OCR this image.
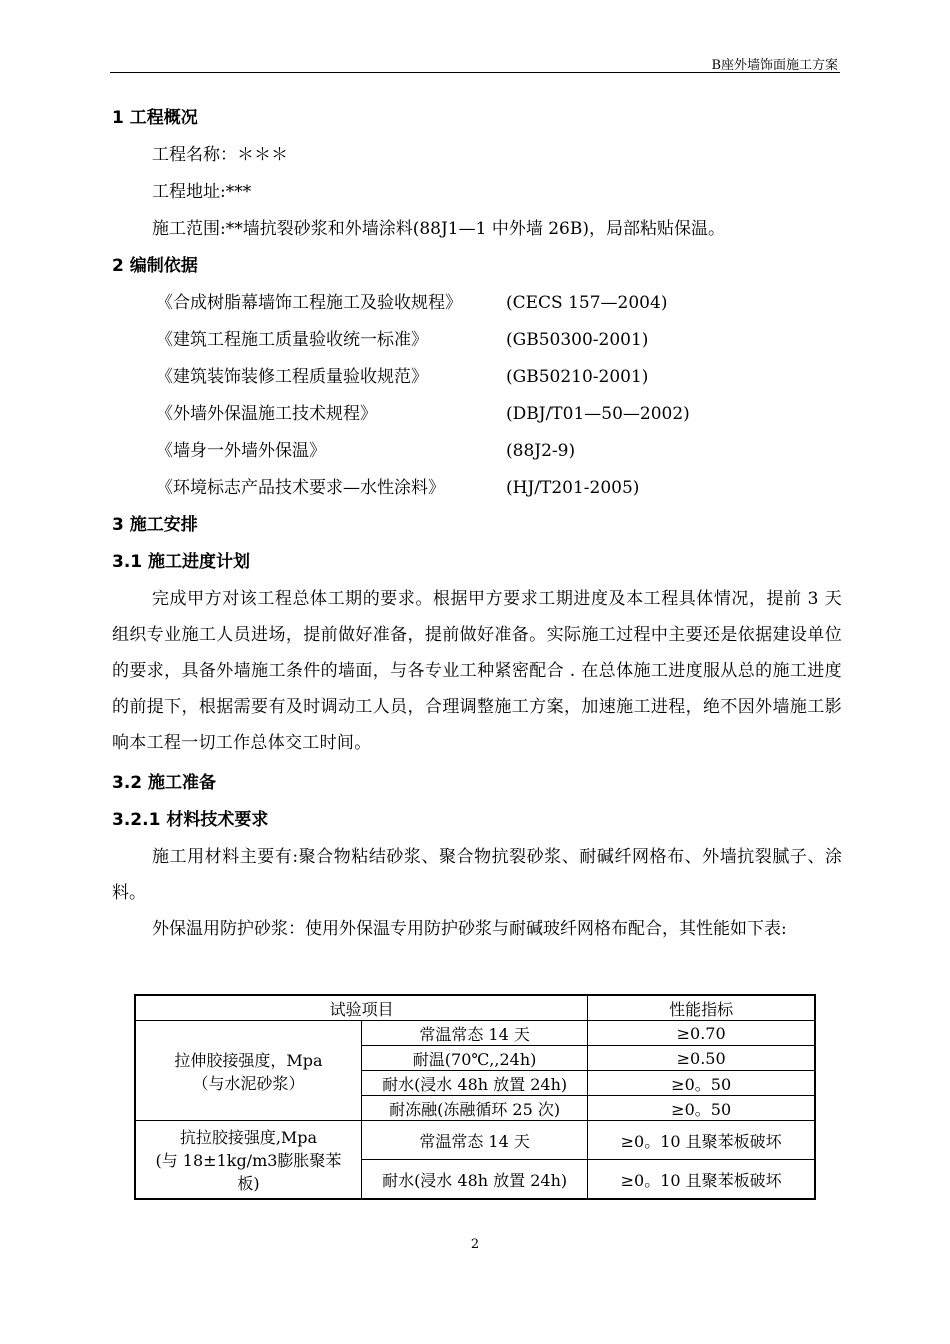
B座外墙饰面施工方案
1 工程概况
工程名称：＊＊＊
工程地址:***
施工范围:**墙抗裂砂浆和外墙涂料(88J1—1 中外墙 26B)，局部粘贴保温。
2 编制依据
《合成树脂幕墙饰工程施工及验收规程》	(CECS 157—2004)
《建筑工程施工质量验收统一标准》	(GB50300-2001)
《建筑装饰装修工程质量验收规范》	(GB50210-2001)
《外墙外保温施工技术规程》	(DBJ/T01—50—2002)
《墙身一外墙外保温》	(88J2-9)
《环境标志产品技术要求—水性涂料》	(HJ/T201-2005)
3 施工安排
3.1 施工进度计划
完成甲方对该工程总体工期的要求。根据甲方要求工期进度及本工程具体情况，提前 3 天组织专业施工人员进场，提前做好准备，提前做好准备。实际施工过程中主要还是依据建设单位的要求，具备外墙施工条件的墙面，与各专业工种紧密配合 . 在总体施工进度服从总的施工进度的前提下，根据需要有及时调动工人员，合理调整施工方案，加速施工进程，绝不因外墙施工影响本工程一切工作总体交工时间。
3.2 施工准备
3.2.1 材料技术要求
施工用材料主要有:聚合物粘结砂浆、聚合物抗裂砂浆、耐碱纤网格布、外墙抗裂腻子、涂料。
外保温用防护砂浆：使用外保温专用防护砂浆与耐碱玻纤网格布配合，其性能如下表:
试验项目		性能指标

拉伸胶接强度，Mpa
（与水泥砂浆）	常温常态 14 天	≥0.70
	耐温(70℃,,24h)	≥0.50
	耐水(浸水 48h 放置 24h)	≥0。50
	耐冻融(冻融循环 25 次)	≥0。50

抗拉胶接强度,Mpa
(与 18±1kg/m3膨胀聚苯
板)	常温常态 14 天	≥0。10 且聚苯板破坏
	耐水(浸水 48h 放置 24h)	≥0。10 且聚苯板破坏
2
